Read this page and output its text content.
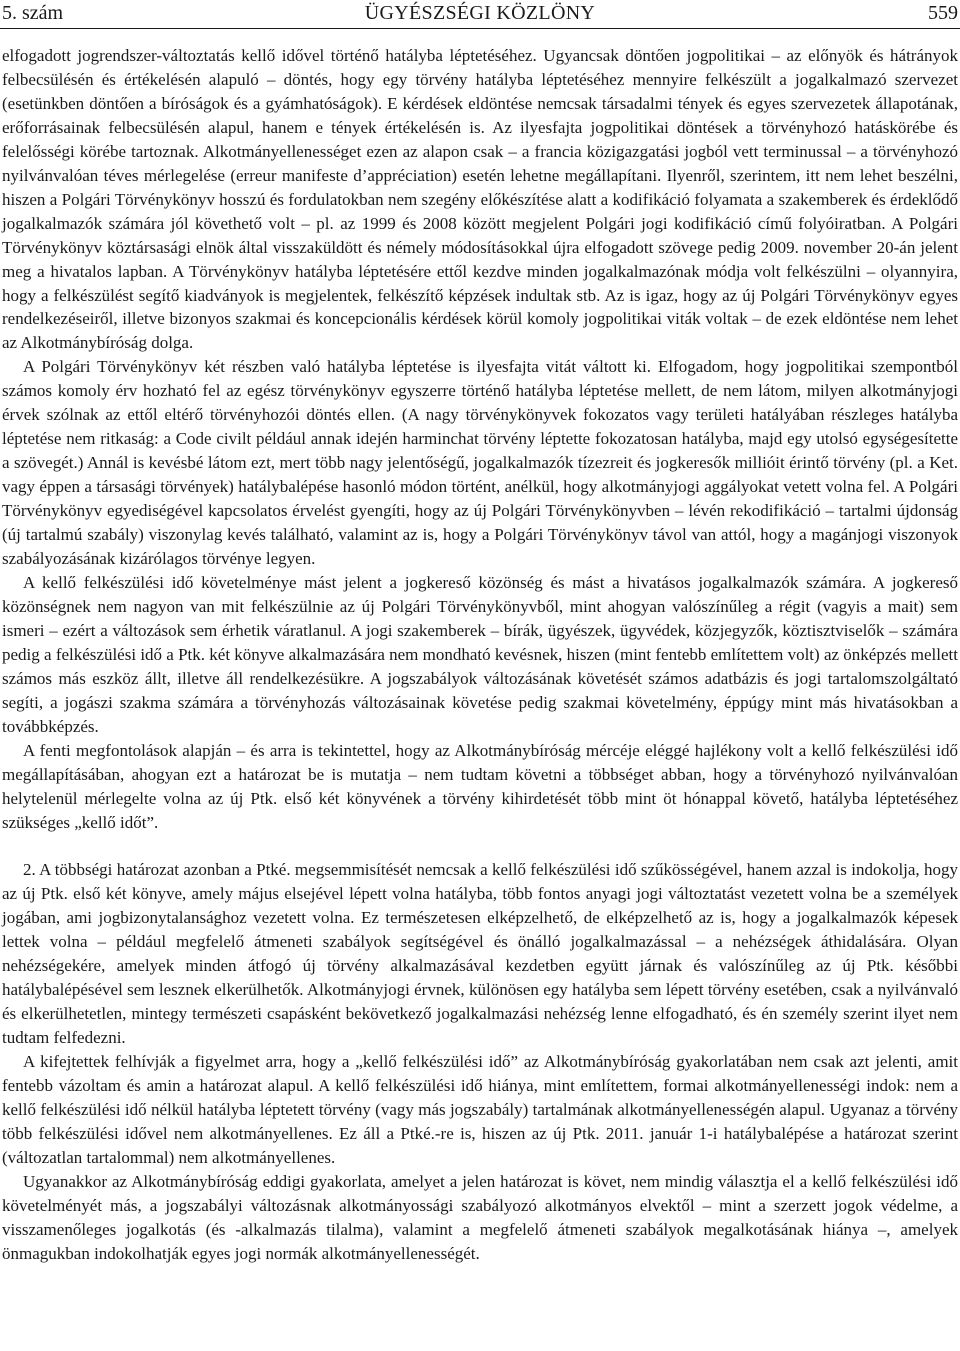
ÜGYÉSZSÉGI KÖZLÖNY
5. szám	559

elfogadott jogrendszer-változtatás kellő idővel történő hatályba léptetéséhez. Ugyancsak döntően jogpolitikai – az előnyök és hátrányok felbecsülésén és értékelésén alapuló – döntés, hogy egy törvény hatályba léptetéséhez mennyire felkészült a jogalkalmazó szervezet (esetünkben döntően a bíróságok és a gyámhatóságok). E kérdések eldöntése nemcsak társadalmi tények és egyes szervezetek állapotának, erőforrásainak felbecsülésén alapul, hanem e tények értékelésén is. Az ilyesfajta jogpolitikai döntések a törvényhozó hatáskörébe és felelősségi körébe tartoznak. Alkotmányellenességet ezen az alapon csak – a francia közigazgatási jogból vett terminussal – a törvényhozó nyilvánvalóan téves mérlegelése (erreur manifeste d’appréciation) esetén lehetne megállapítani. Ilyenről, szerintem, itt nem lehet beszélni, hiszen a Polgári Törvénykönyv hosszú és fordulatokban nem szegény előkészítése alatt a kodifikáció folyamata a szakemberek és érdeklődő jogalkalmazók számára jól követhető volt – pl. az 1999 és 2008 között megjelent Polgári jogi kodifikáció című folyóiratban. A Polgári Törvénykönyv köztársasági elnök által visszaküldött és némely módosításokkal újra elfogadott szövege pedig 2009. november 20-án jelent meg a hivatalos lapban. A Törvénykönyv hatályba léptetésére ettől kezdve minden jogalkalmazónak módja volt felkészülni – olyannyira, hogy a felkészülést segítő kiadványok is megjelentek, felkészítő képzések indultak stb. Az is igaz, hogy az új Polgári Törvénykönyv egyes rendelkezéseiről, illetve bizonyos szakmai és koncepcionális kérdések körül komoly jogpolitikai viták voltak – de ezek eldöntése nem lehet az Alkotmánybíróság dolga.

A Polgári Törvénykönyv két részben való hatályba léptetése is ilyesfajta vitát váltott ki. Elfogadom, hogy jogpolitikai szempontból számos komoly érv hozható fel az egész törvénykönyv egyszerre történő hatályba léptetése mellett, de nem látom, milyen alkotmányjogi érvek szólnak az ettől eltérő törvényhozói döntés ellen. (A nagy törvénykönyvek fokozatos vagy területi hatályában részleges hatályba léptetése nem ritkaság: a Code civilt például annak idején harminchat törvény léptette fokozatosan hatályba, majd egy utolsó egységesítette a szövegét.) Annál is kevésbé látom ezt, mert több nagy jelentőségű, jogalkalmazók tízezreit és jogkeresők millióit érintő törvény (pl. a Ket. vagy éppen a társasági törvények) hatálybalépése hasonló módon történt, anélkül, hogy alkotmányjogi aggályokat vetett volna fel. A Polgári Törvénykönyv egyediségével kapcsolatos érvelést gyengíti, hogy az új Polgári Törvénykönyvben – lévén rekodifikáció – tartalmi újdonság (új tartalmú szabály) viszonylag kevés található, valamint az is, hogy a Polgári Törvénykönyv távol van attól, hogy a magánjogi viszonyok szabályozásának kizárólagos törvénye legyen.

A kellő felkészülési idő követelménye mást jelent a jogkereső közönség és mást a hivatásos jogalkalmazók számára. A jogkereső közönségnek nem nagyon van mit felkészülnie az új Polgári Törvénykönyvből, mint ahogyan valószínűleg a régit (vagyis a mait) sem ismeri – ezért a változások sem érhetik váratlanul. A jogi szakemberek – bírák, ügyészek, ügyvédek, közjegyzők, köztisztviselők – számára pedig a felkészülési idő a Ptk. két könyve alkalmazására nem mondható kevésnek, hiszen (mint fentebb említettem volt) az önképzés mellett számos más eszköz állt, illetve áll rendelkezésükre. A jogszabályok változásának követését számos adatbázis és jogi tartalomszolgáltató segíti, a jogászi szakma számára a törvényhozás változásainak követése pedig szakmai követelmény, éppúgy mint más hivatásokban a továbbképzés.

A fenti megfontolások alapján – és arra is tekintettel, hogy az Alkotmánybíróság mércéje eléggé hajlékony volt a kellő felkészülési idő megállapításában, ahogyan ezt a határozat be is mutatja – nem tudtam követni a többséget abban, hogy a törvényhozó nyilvánvalóan helytelenül mérlegelte volna az új Ptk. első két könyvének a törvény kihirdetését több mint öt hónappal követő, hatályba léptetéséhez szükséges „kellő időt”.

2. A többségi határozat azonban a Ptké. megsemmisítését nemcsak a kellő felkészülési idő szűkösségével, hanem azzal is indokolja, hogy az új Ptk. első két könyve, amely május elsejével lépett volna hatályba, több fontos anyagi jogi változtatást vezetett volna be a személyek jogában, ami jogbizonytalansághoz vezetett volna. Ez természetesen elképzelhető, de elképzelhető az is, hogy a jogalkalmazók képesek lettek volna – például megfelelő átmeneti szabályok segítségével és önálló jogalkalmazással – a nehézségek áthidalására. Olyan nehézségekére, amelyek minden átfogó új törvény alkalmazásával kezdetben együtt járnak és valószínűleg az új Ptk. későbbi hatálybalépésével sem lesznek elkerülhetők. Alkotmányjogi érvnek, különösen egy hatályba sem lépett törvény esetében, csak a nyilvánvaló és elkerülhetetlen, mintegy természeti csapásként bekövetkező jogalkalmazási nehézség lenne elfogadható, és én személy szerint ilyet nem tudtam felfedezni.

A kifejtettek felhívják a figyelmet arra, hogy a „kellő felkészülési idő” az Alkotmánybíróság gyakorlatában nem csak azt jelenti, amit fentebb vázoltam és amin a határozat alapul. A kellő felkészülési idő hiánya, mint említettem, formai alkotmányellenességi indok: nem a kellő felkészülési idő nélkül hatályba léptetett törvény (vagy más jogszabály) tartalmának alkotmányellenességén alapul. Ugyanaz a törvény több felkészülési idővel nem alkotmányellenes. Ez áll a Ptké.-re is, hiszen az új Ptk. 2011. január 1-i hatálybalépése a határozat szerint (változatlan tartalommal) nem alkotmányellenes.

Ugyanakkor az Alkotmánybíróság eddigi gyakorlata, amelyet a jelen határozat is követ, nem mindig választja el a kellő felkészülési idő követelményét más, a jogszabályi változásnak alkotmányossági szabályozó alkotmányos elvektől – mint a szerzett jogok védelme, a visszamenőleges jogalkotás (és -alkalmazás tilalma), valamint a megfelelő átmeneti szabályok megalkotásának hiánya –, amelyek önmagukban indokolhatják egyes jogi normák alkotmányellenességét.
